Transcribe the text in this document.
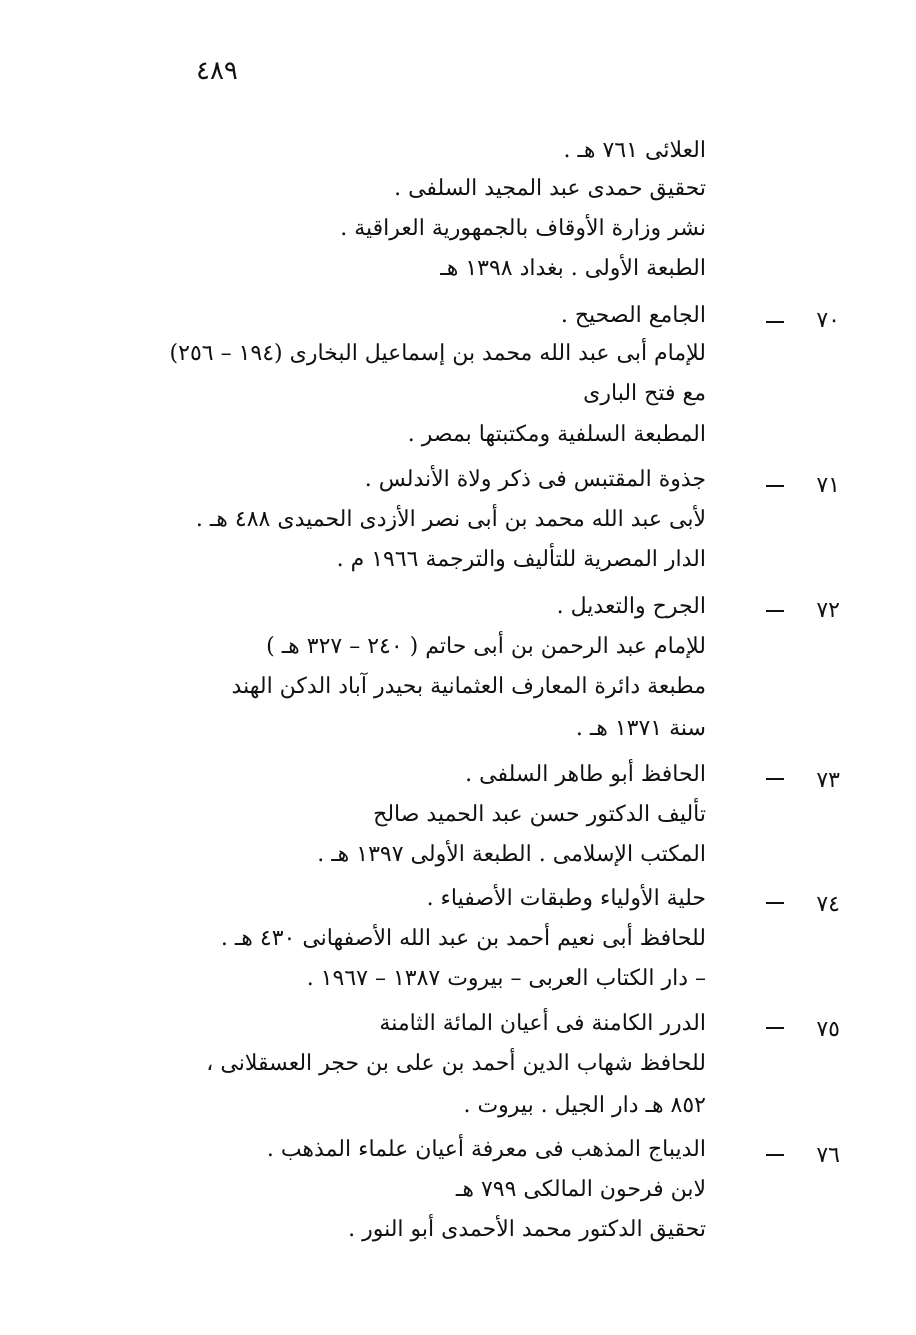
٤٨٩
العلائى ٧٦١ هـ .
تحقيق حمدى عبد المجيد السلفى .
نشر وزارة الأوقاف بالجمهورية العراقية .
الطبعة الأولى . بغداد ١٣٩٨ هـ
٧٠
الجامع الصحيح .
للإمام أبى عبد الله محمد بن إسماعيل البخارى (١٩٤ – ٢٥٦)
مع فتح البارى
المطبعة السلفية ومكتبتها بمصر .
٧١
جذوة المقتبس فى ذكر ولاة الأندلس .
لأبى عبد الله محمد بن أبى نصر الأزدى الحميدى ٤٨٨ هـ .
الدار المصرية للتأليف والترجمة ١٩٦٦ م .
٧٢
الجرح والتعديل .
للإمام عبد الرحمن بن أبى حاتم ( ٢٤٠ – ٣٢٧ هـ )
مطبعة دائرة المعارف العثمانية بحيدر آباد الدكن الهند
سنة ١٣٧١ هـ .
٧٣
الحافظ أبو طاهر السلفى .
تأليف الدكتور حسن عبد الحميد صالح
المكتب الإسلامى . الطبعة الأولى ١٣٩٧ هـ .
٧٤
حلية الأولياء وطبقات الأصفياء .
للحافظ أبى نعيم أحمد بن عبد الله الأصفهانى ٤٣٠ هـ .
– دار الكتاب العربى – بيروت ١٣٨٧ – ١٩٦٧ .
٧٥
الدرر الكامنة فى أعيان المائة الثامنة
للحافظ شهاب الدين أحمد بن على بن حجر العسقلانى ،
٨٥٢ هـ دار الجيل . بيروت .
٧٦
الديباج المذهب فى معرفة أعيان علماء المذهب .
لابن فرحون المالكى ٧٩٩ هـ
تحقيق الدكتور محمد الأحمدى أبو النور .
